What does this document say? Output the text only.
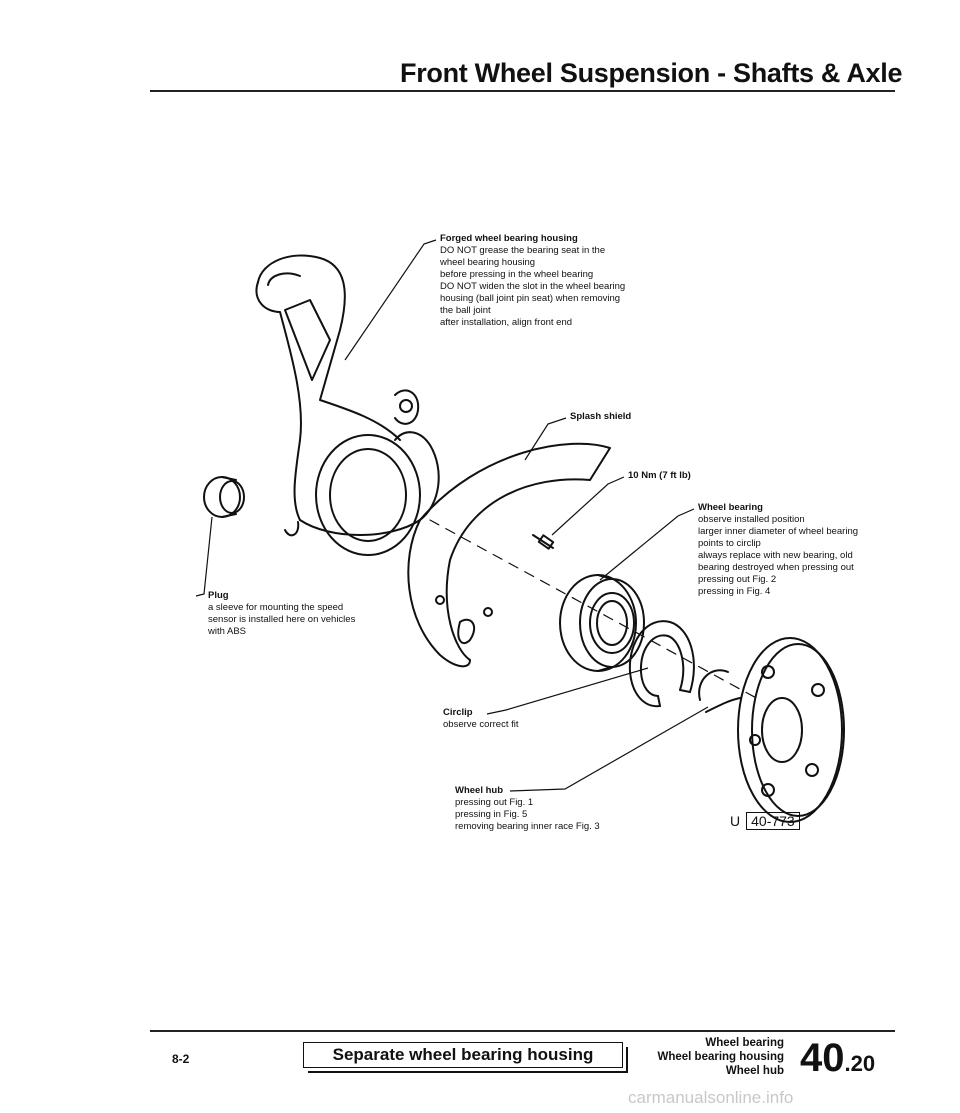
Front Wheel Suspension - Shafts & Axle
Forged wheel bearing housing
DO NOT grease the bearing seat in the
wheel bearing housing
before pressing in the wheel bearing
DO NOT widen the slot in the wheel bearing
housing (ball joint pin seat) when removing
the ball joint
after installation, align front end
Splash shield
10 Nm (7 ft lb)
Wheel bearing
observe installed position
larger inner diameter of wheel bearing
points to circlip
always replace with new bearing, old
bearing destroyed when pressing out
pressing out Fig. 2
pressing in Fig. 4
Plug
a sleeve for mounting the speed
sensor is installed here on vehicles
with ABS
Circlip
observe correct fit
Wheel hub
pressing out Fig. 1
pressing in Fig. 5
removing bearing inner race Fig. 3	U 40-773
8-2	Separate wheel bearing housing
Wheel bearing
Wheel bearing housing
Wheel hub 40.20
carmanualsonline.info
